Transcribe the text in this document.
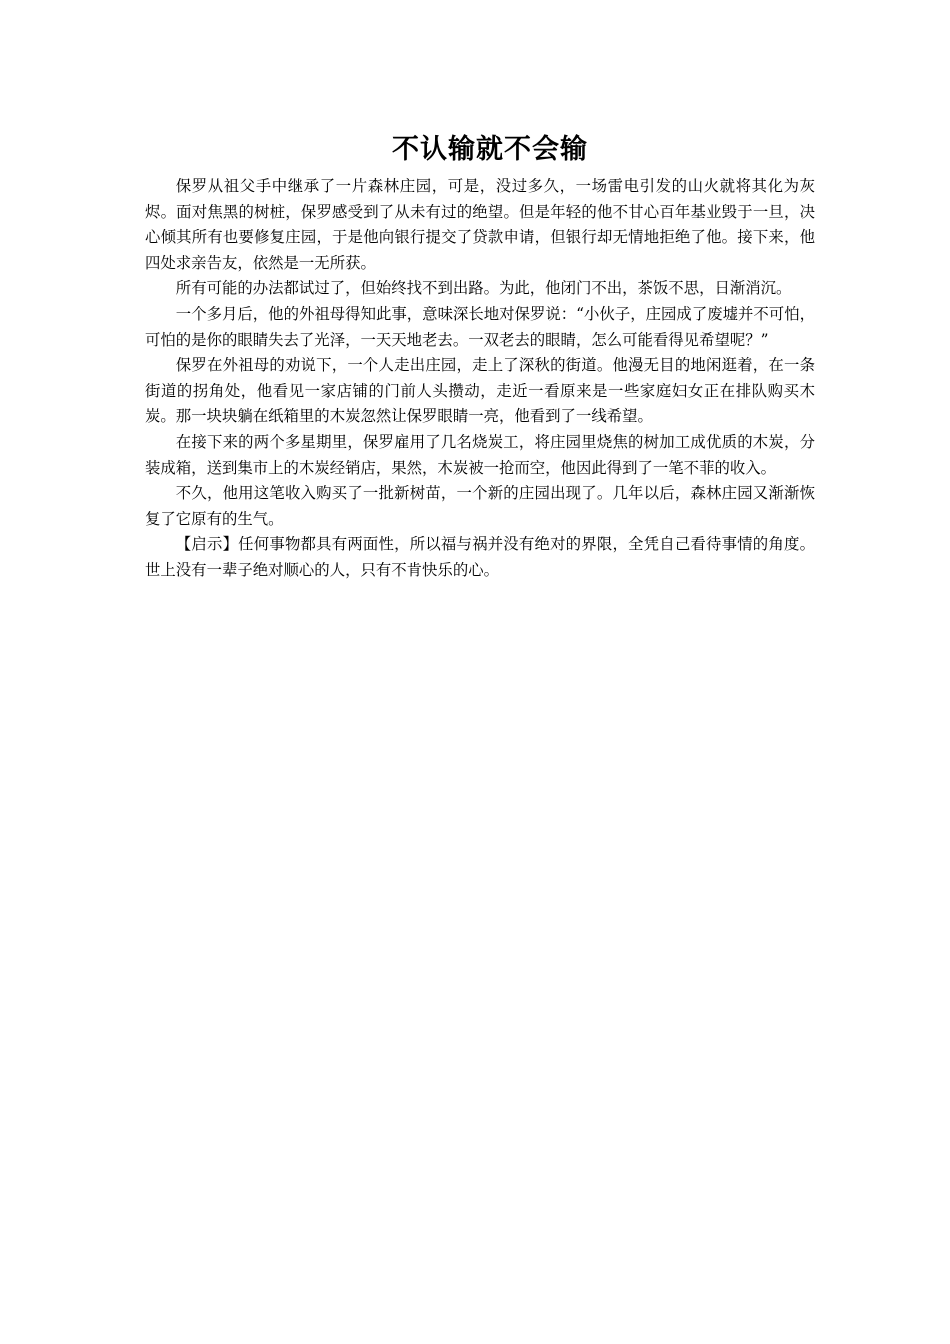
不认输就不会输

保罗从祖父手中继承了一片森林庄园，可是，没过多久，一场雷电引发的山火就将其化为灰烬。面对焦黑的树桩，保罗感受到了从未有过的绝望。但是年轻的他不甘心百年基业毁于一旦，决心倾其所有也要修复庄园，于是他向银行提交了贷款申请，但银行却无情地拒绝了他。接下来，他四处求亲告友，依然是一无所获。

所有可能的办法都试过了，但始终找不到出路。为此，他闭门不出，茶饭不思，日渐消沉。

一个多月后，他的外祖母得知此事，意味深长地对保罗说：“小伙子，庄园成了废墟并不可怕，可怕的是你的眼睛失去了光泽，一天天地老去。一双老去的眼睛，怎么可能看得见希望呢？”

保罗在外祖母的劝说下，一个人走出庄园，走上了深秋的街道。他漫无目的地闲逛着，在一条街道的拐角处，他看见一家店铺的门前人头攒动，走近一看原来是一些家庭妇女正在排队购买木炭。那一块块躺在纸箱里的木炭忽然让保罗眼睛一亮，他看到了一线希望。

在接下来的两个多星期里，保罗雇用了几名烧炭工，将庄园里烧焦的树加工成优质的木炭，分装成箱，送到集市上的木炭经销店，果然，木炭被一抢而空，他因此得到了一笔不菲的收入。

不久，他用这笔收入购买了一批新树苗，一个新的庄园出现了。几年以后，森林庄园又渐渐恢复了它原有的生气。

【启示】任何事物都具有两面性，所以福与祸并没有绝对的界限，全凭自己看待事情的角度。世上没有一辈子绝对顺心的人，只有不肯快乐的心。
